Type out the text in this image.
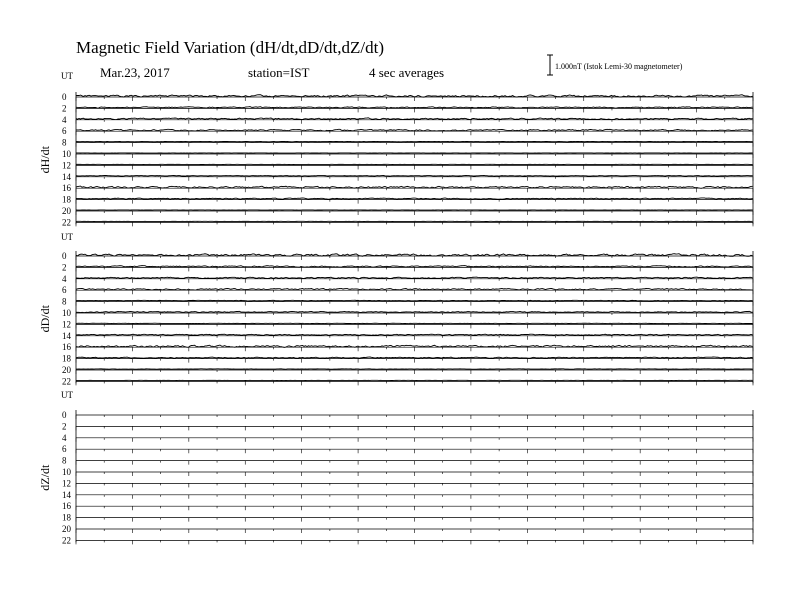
Magnetic Field Variation (dH/dt,dD/dt,dZ/dt)
Mar.23, 2017	station=IST	4 sec averages	1.000nT (Istok Lemi-30 magnetometer)
UT
dH/dt
0
2
4
6
8
10
12
14
16
18
20
22
UT
dD/dt
0
2
4
6
8
10
12
14
16
18
20
22
UT
dZ/dt
0
2
4
6
8
10
12
14
16
18
20
22
